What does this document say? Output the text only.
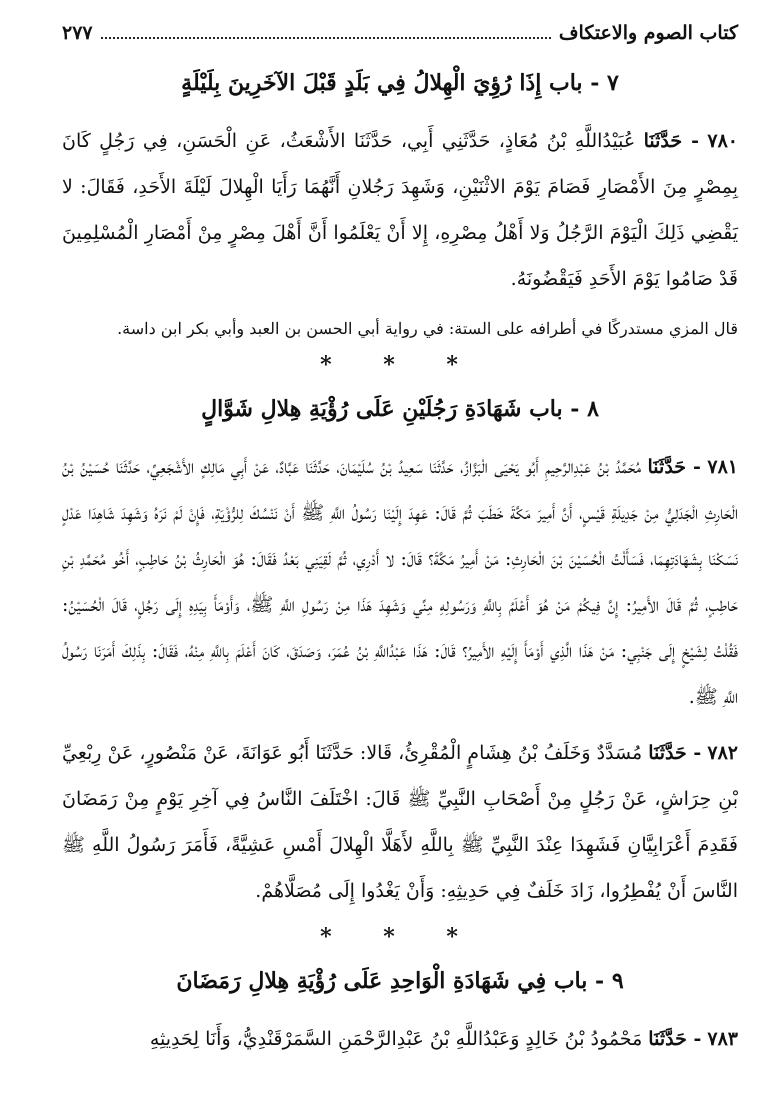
كتاب الصوم والاعتكاف
٢٧٧
٧ - باب إِذَا رُؤِيَ الْهِلالُ فِي بَلَدٍ قَبْلَ الآخَرِينَ بِلَيْلَةٍ

٧٨٠ - حَدَّثَنَا عُبَيْدُاللَّهِ بْنُ مُعَاذٍ، حَدَّثَنِي أَبِي، حَدَّثَنَا الأَشْعَثُ، عَنِ الْحَسَنِ، فِي رَجُلٍ كَانَ بِمِصْرٍ مِنَ الأَمْصَارِ فَصَامَ يَوْمَ الاثْنَيْنِ، وَشَهِدَ رَجُلانِ أَنَّهُمَا رَأَيَا الْهِلالَ لَيْلَةَ الأَحَدِ، فَقَالَ: لا يَقْضِي ذَلِكَ الْيَوْمَ الرَّجُلُ وَلا أَهْلُ مِصْرِهِ، إِلا أَنْ يَعْلَمُوا أَنَّ أَهْلَ مِصْرٍ مِنْ أَمْصَارِ الْمُسْلِمِينَ قَدْ صَامُوا يَوْمَ الأَحَدِ فَيَقْضُونَهُ.

قال المزي مستدركًا في أطرافه على الستة: في رواية أبي الحسن بن العبد وأبي بكر ابن داسة.

* * *
٨ - باب شَهَادَةِ رَجُلَيْنِ عَلَى رُؤْيَةِ هِلالِ شَوَّالٍ

٧٨١ - حَدَّثَنَا مُحَمَّدُ بْنُ عَبْدِالرَّحِيمِ أَبُو يَحْيَى الْبَزَّازُ، حَدَّثَنَا سَعِيدُ بْنُ سُلَيْمَانَ، حَدَّثَنَا عَبَّادٌ، عَنْ أَبِي مَالِكٍ الأَشْجَعِيِّ، حَدَّثَنَا حُسَيْنُ بْنُ الْحَارِثِ الْجَدَلِيُّ مِنْ جَدِيلَةِ قَيْسٍ، أَنَّ أَمِيرَ مَكَّةَ خَطَبَ ثُمَّ قَالَ: عَهِدَ إِلَيْنَا رَسُولُ اللَّهِ ﷺ أَنْ نَنْسُكَ لِلرُّؤْيَةِ، فَإِنْ لَمْ نَرَهُ وَشَهِدَ شَاهِدَا عَدْلٍ نَسَكْنَا بِشَهَادَتِهِمَا، فَسَأَلْتُ الْحُسَيْنَ بْنَ الْحَارِثِ: مَنْ أَمِيرُ مَكَّةَ؟ قَالَ: لا أَدْرِي، ثُمَّ لَقِيَنِي بَعْدُ فَقَالَ: هُوَ الْحَارِثُ بْنُ حَاطِبٍ، أَخُو مُحَمَّدِ بْنِ حَاطِبٍ، ثُمَّ قَالَ الأَمِيرُ: إِنَّ فِيكُمْ مَنْ هُوَ أَعْلَمُ بِاللَّهِ وَرَسُولِهِ مِنِّي وَشَهِدَ هَذَا مِنْ رَسُولِ اللَّهِ ﷺ، وَأَوْمَأَ بِيَدِهِ إِلَى رَجُلٍ، قَالَ الْحُسَيْنُ: فَقُلْتُ لِشَيْخٍ إِلَى جَنْبِي: مَنْ هَذَا الَّذِي أَوْمَأَ إِلَيْهِ الأَمِيرُ؟ قَالَ: هَذَا عَبْدُاللَّهِ بْنُ عُمَرَ، وَصَدَقَ، كَانَ أَعْلَمَ بِاللَّهِ مِنْهُ، فَقَالَ: بِذَلِكَ أَمَرَنَا رَسُولُ اللَّهِ ﷺ.

٧٨٢ - حَدَّثَنَا مُسَدَّدٌ وَخَلَفُ بْنُ هِشَامٍ الْمُقْرِئُ، قَالا: حَدَّثَنَا أَبُو عَوَانَةَ، عَنْ مَنْصُورٍ، عَنْ رِبْعِيِّ بْنِ حِرَاشٍ، عَنْ رَجُلٍ مِنْ أَصْحَابِ النَّبِيِّ ﷺ قَالَ: اخْتَلَفَ النَّاسُ فِي آخِرِ يَوْمٍ مِنْ رَمَضَانَ فَقَدِمَ أَعْرَابِيَّانِ فَشَهِدَا عِنْدَ النَّبِيِّ ﷺ بِاللَّهِ لأَهَلَّا الْهِلالَ أَمْسِ عَشِيَّةً، فَأَمَرَ رَسُولُ اللَّهِ ﷺ النَّاسَ أَنْ يُفْطِرُوا، زَادَ خَلَفٌ فِي حَدِيثِهِ: وَأَنْ يَغْدُوا إِلَى مُصَلَّاهُمْ.

* * *
٩ - باب فِي شَهَادَةِ الْوَاحِدِ عَلَى رُؤْيَةِ هِلالِ رَمَضَانَ

٧٨٣ - حَدَّثَنَا مَحْمُودُ بْنُ خَالِدٍ وَعَبْدُاللَّهِ بْنُ عَبْدِالرَّحْمَنِ السَّمَرْقَنْدِيُّ، وَأَنَا لِحَدِيثِهِ
